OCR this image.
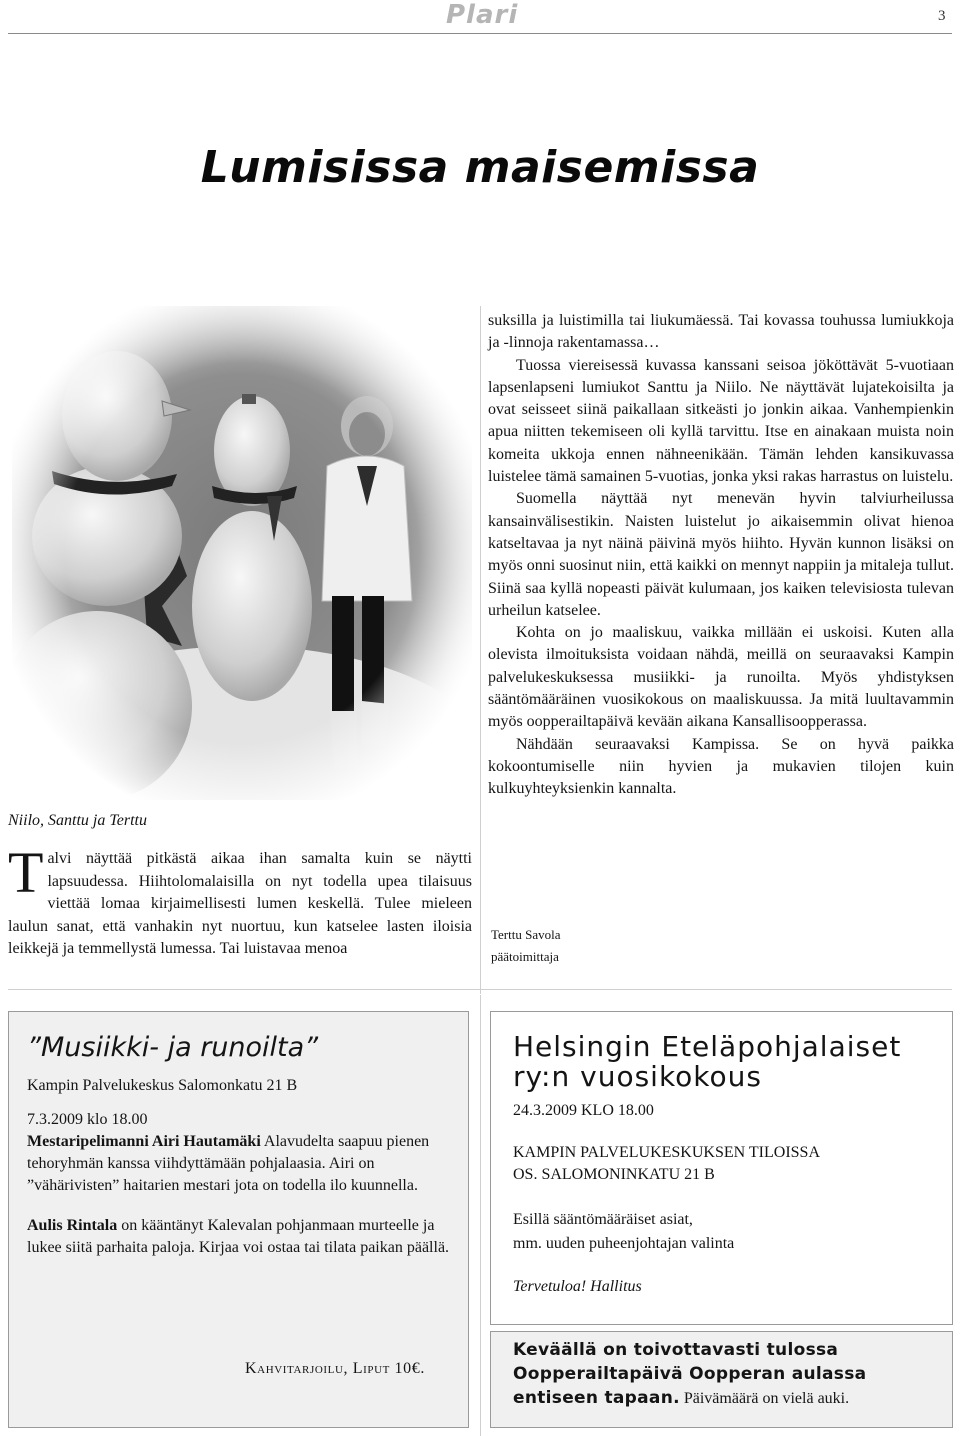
Plari	3
Lumisissa maisemissa
Niilo, Santtu ja Terttu
Talvi näyttää pitkästä aikaa ihan samalta kuin se näytti lapsuudessa. Hiihtolomalaisilla on nyt todella upea tilaisuus viettää lomaa kirjaimellisesti lumen keskellä. Tulee mieleen laulun sanat, että vanhakin nyt nuortuu, kun katselee lasten iloisia leikkejä ja temmellystä lumessa. Tai luistavaa menoa

suksilla ja luistimilla tai liukumäessä. Tai kovassa touhussa lumiukkoja ja -linnoja rakentamassa…

Tuossa viereisessä kuvassa kanssani seisoa jököttävät 5-vuotiaan lapsenlapseni lumiukot Santtu ja Niilo. Ne näyttävät lujatekoisilta ja ovat seisseet siinä paikallaan sitkeästi jo jonkin aikaa. Vanhempienkin apua niitten tekemiseen oli kyllä tarvittu. Itse en ainakaan muista noin komeita ukkoja ennen nähneenikään. Tämän lehden kansikuvassa luistelee tämä samainen 5-vuotias, jonka yksi rakas harrastus on luistelu.

Suomella näyttää nyt menevän hyvin talviurheilussa kansainvälisestikin. Naisten luistelut jo aikaisemmin olivat hienoa katseltavaa ja nyt näinä päivinä myös hiihto. Hyvän kunnon lisäksi on myös onni suosinut niin, että kaikki on mennyt nappiin ja mitaleja tullut. Siinä saa kyllä nopeasti päivät kulumaan, jos kaiken televisiosta tulevan urheilun katselee.

Kohta on jo maaliskuu, vaikka millään ei uskoisi. Kuten alla olevista ilmoituksista voidaan nähdä, meillä on seuraavaksi Kampin palvelukeskuksessa musiikki- ja runoilta. Myös yhdistyksen sääntömääräinen vuosikokous on maaliskuussa. Ja mitä luultavammin myös oopperailtapäivä kevään aikana Kansallisoopperassa.

Nähdään seuraavaksi Kampissa. Se on hyvä paikka kokoontumiselle niin hyvien ja mukavien tilojen kuin kulkuyhteyksienkin kannalta.

Terttu Savola
päätoimittaja
”Musiikki- ja runoilta”
Kampin Palvelukeskus Salomonkatu 21 B
7.3.2009 klo 18.00
Mestaripelimanni Airi Hautamäki Alavudelta saapuu pienen tehoryhmän kanssa viihdyttämään pohjalaasia. Airi on ”vähärivisten” haitarien mestari jota on todella ilo kuunnella.
Aulis Rintala on kääntänyt Kalevalan pohjanmaan murteelle ja lukee siitä parhaita paloja. Kirjaa voi ostaa tai tilata paikan päällä.
Kahvitarjoilu, Liput 10€.
Helsingin Eteläpohjalaiset ry:n vuosikokous
24.3.2009 KLO 18.00
KAMPIN PALVELUKESKUKSEN TILOISSA
OS. SALOMONINKATU 21 B
Esillä sääntömääräiset asiat,
mm. uuden puheenjohtajan valinta
Tervetuloa! Hallitus
Keväällä on toivottavasti tulossa Oopperailtapäivä Oopperan aulassa entiseen tapaan. Päivämäärä on vielä auki.
